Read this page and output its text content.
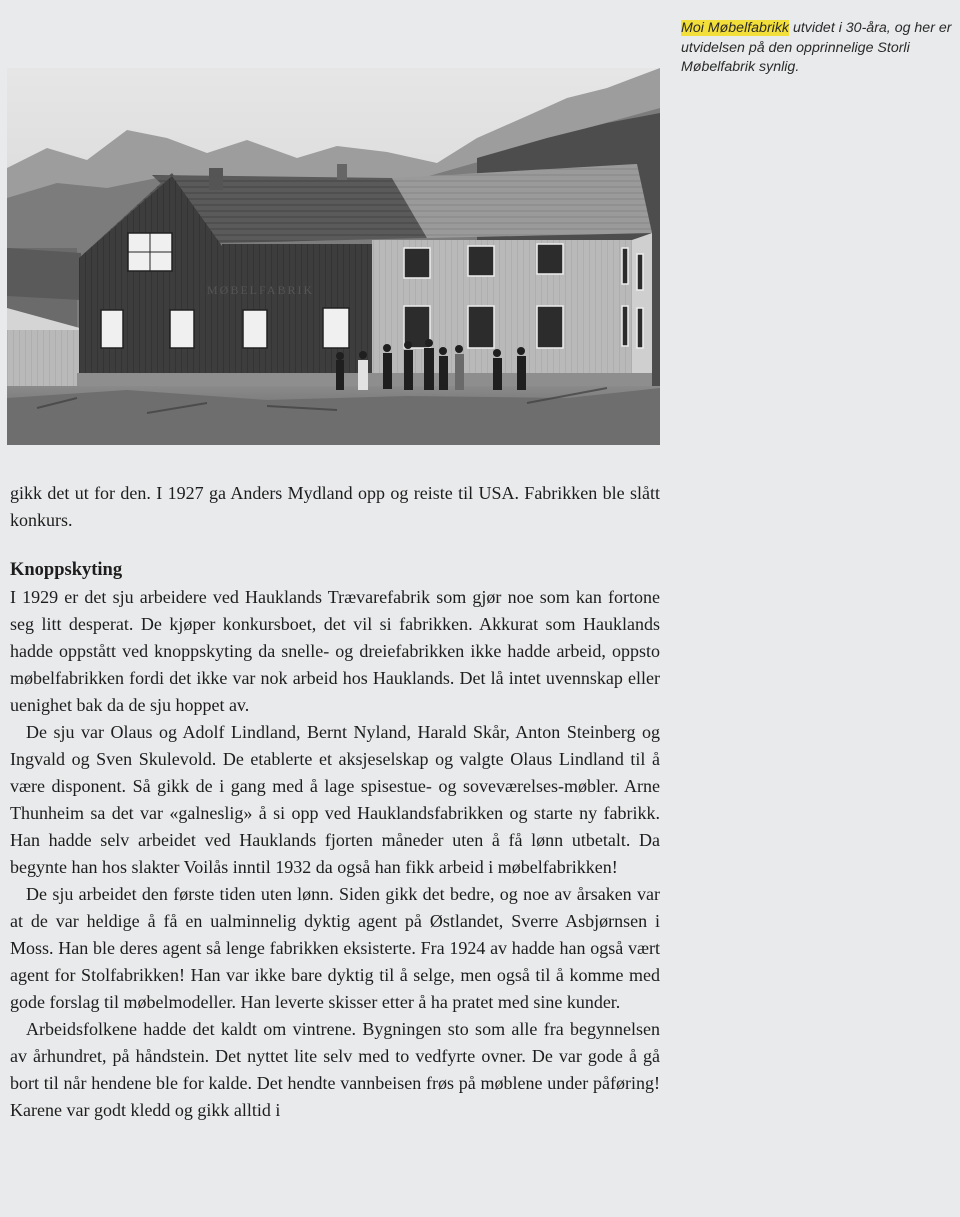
Moi Møbelfabrikk utvidet i 30-åra, og her er utvidelsen på den opprinnelige Storli Møbelfabrik synlig.
MØBELFABRIK

gikk det ut for den. I 1927 ga Anders Mydland opp og reiste til USA. Fabrikken ble slått konkurs.

Knoppskyting

I 1929 er det sju arbeidere ved Hauklands Trævarefabrik som gjør noe som kan fortone seg litt desperat. De kjøper konkursboet, det vil si fabrikken. Akkurat som Hauklands hadde oppstått ved knoppskyting da snelle- og dreiefabrikken ikke hadde arbeid, oppsto møbelfabrikken fordi det ikke var nok arbeid hos Hauklands. Det lå intet uvennskap eller uenighet bak da de sju hoppet av.

De sju var Olaus og Adolf Lindland, Bernt Nyland, Harald Skår, Anton Steinberg og Ingvald og Sven Skulevold. De etablerte et aksjeselskap og valgte Olaus Lindland til å være disponent. Så gikk de i gang med å lage spisestue- og soveværelses-møbler. Arne Thunheim sa det var «galneslig» å si opp ved Hauklandsfabrikken og starte ny fabrikk. Han hadde selv arbeidet ved Hauklands fjorten måneder uten å få lønn utbetalt. Da begynte han hos slakter Voilås inntil 1932 da også han fikk arbeid i møbelfabrikken!

De sju arbeidet den første tiden uten lønn. Siden gikk det bedre, og noe av årsaken var at de var heldige å få en ualminnelig dyktig agent på Østlandet, Sverre Asbjørnsen i Moss. Han ble deres agent så lenge fabrikken eksisterte. Fra 1924 av hadde han også vært agent for Stolfabrikken! Han var ikke bare dyktig til å selge, men også til å komme med gode forslag til møbelmodeller. Han leverte skisser etter å ha pratet med sine kunder.

Arbeidsfolkene hadde det kaldt om vintrene. Bygningen sto som alle fra begynnelsen av århundret, på håndstein. Det nyttet lite selv med to vedfyrte ovner. De var gode å gå bort til når hendene ble for kalde. Det hendte vannbeisen frøs på møblene under påføring! Karene var godt kledd og gikk alltid i
